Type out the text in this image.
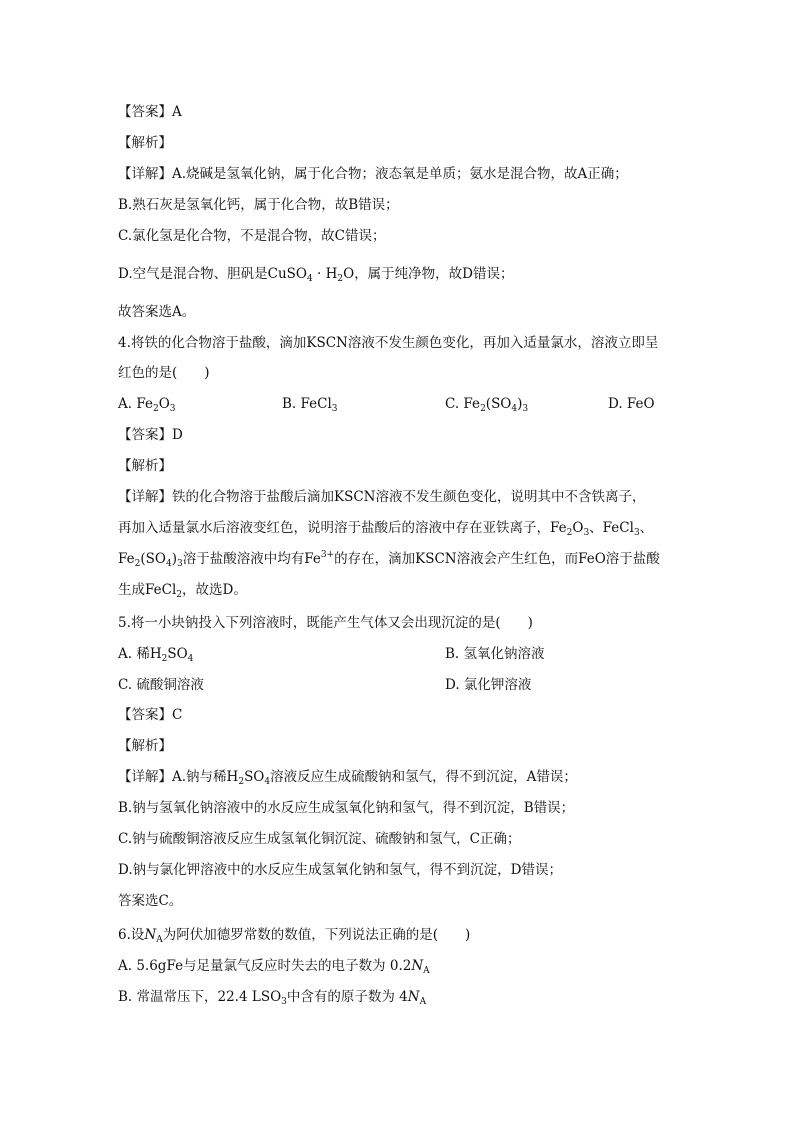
【答案】A
【解析】
【详解】A.烧碱是氢氧化钠，属于化合物；液态氧是单质；氨水是混合物，故A正确；
B.熟石灰是氢氧化钙，属于化合物，故B错误；
C.氯化氢是化合物，不是混合物，故C错误；
D.空气是混合物、胆矾是CuSO$_4$ · $H_2O$，属于纯净物，故D错误；
故答案选A。
4.将铁的化合物溶于盐酸，滴加KSCN溶液不发生颜色变化，再加入适量氯水，溶液立即呈
红色的是(　　)
A. $Fe_2O_3$	B. FeCl$_3$	C. $Fe_2(SO_4)_3$	D. FeO
【答案】D
【解析】
【详解】铁的化合物溶于盐酸后滴加KSCN溶液不发生颜色变化，说明其中不含铁离子，
再加入适量氯水后溶液变红色，说明溶于盐酸后的溶液中存在亚铁离子，$Fe_2O_3$、FeCl$_3$、
$Fe_2(SO_4)_3$溶于盐酸溶液中均有$Fe^{3+}$的存在，滴加KSCN溶液会产生红色，而FeO溶于盐酸
生成FeCl$_2$，故选D。
5.将一小块钠投入下列溶液时，既能产生气体又会出现沉淀的是(　　)
A. 稀$H_2SO_4$	B. 氢氧化钠溶液
C. 硫酸铜溶液	D. 氯化钾溶液
【答案】C
【解析】
【详解】A.钠与稀$H_2SO_4$溶液反应生成硫酸钠和氢气，得不到沉淀，A错误；
B.钠与氢氧化钠溶液中的水反应生成氢氧化钠和氢气，得不到沉淀，B错误；
C.钠与硫酸铜溶液反应生成氢氧化铜沉淀、硫酸钠和氢气，C正确；
D.钠与氯化钾溶液中的水反应生成氢氧化钠和氢气，得不到沉淀，D错误；
答案选C。
6.设$N_A$为阿伏加德罗常数的数值，下列说法正确的是(　　)
A. 5.6gFe与足量氯气反应时失去的电子数为 $0.2N_A$
B. 常温常压下，22.4 $LSO_3$中含有的原子数为 $4N_A$
